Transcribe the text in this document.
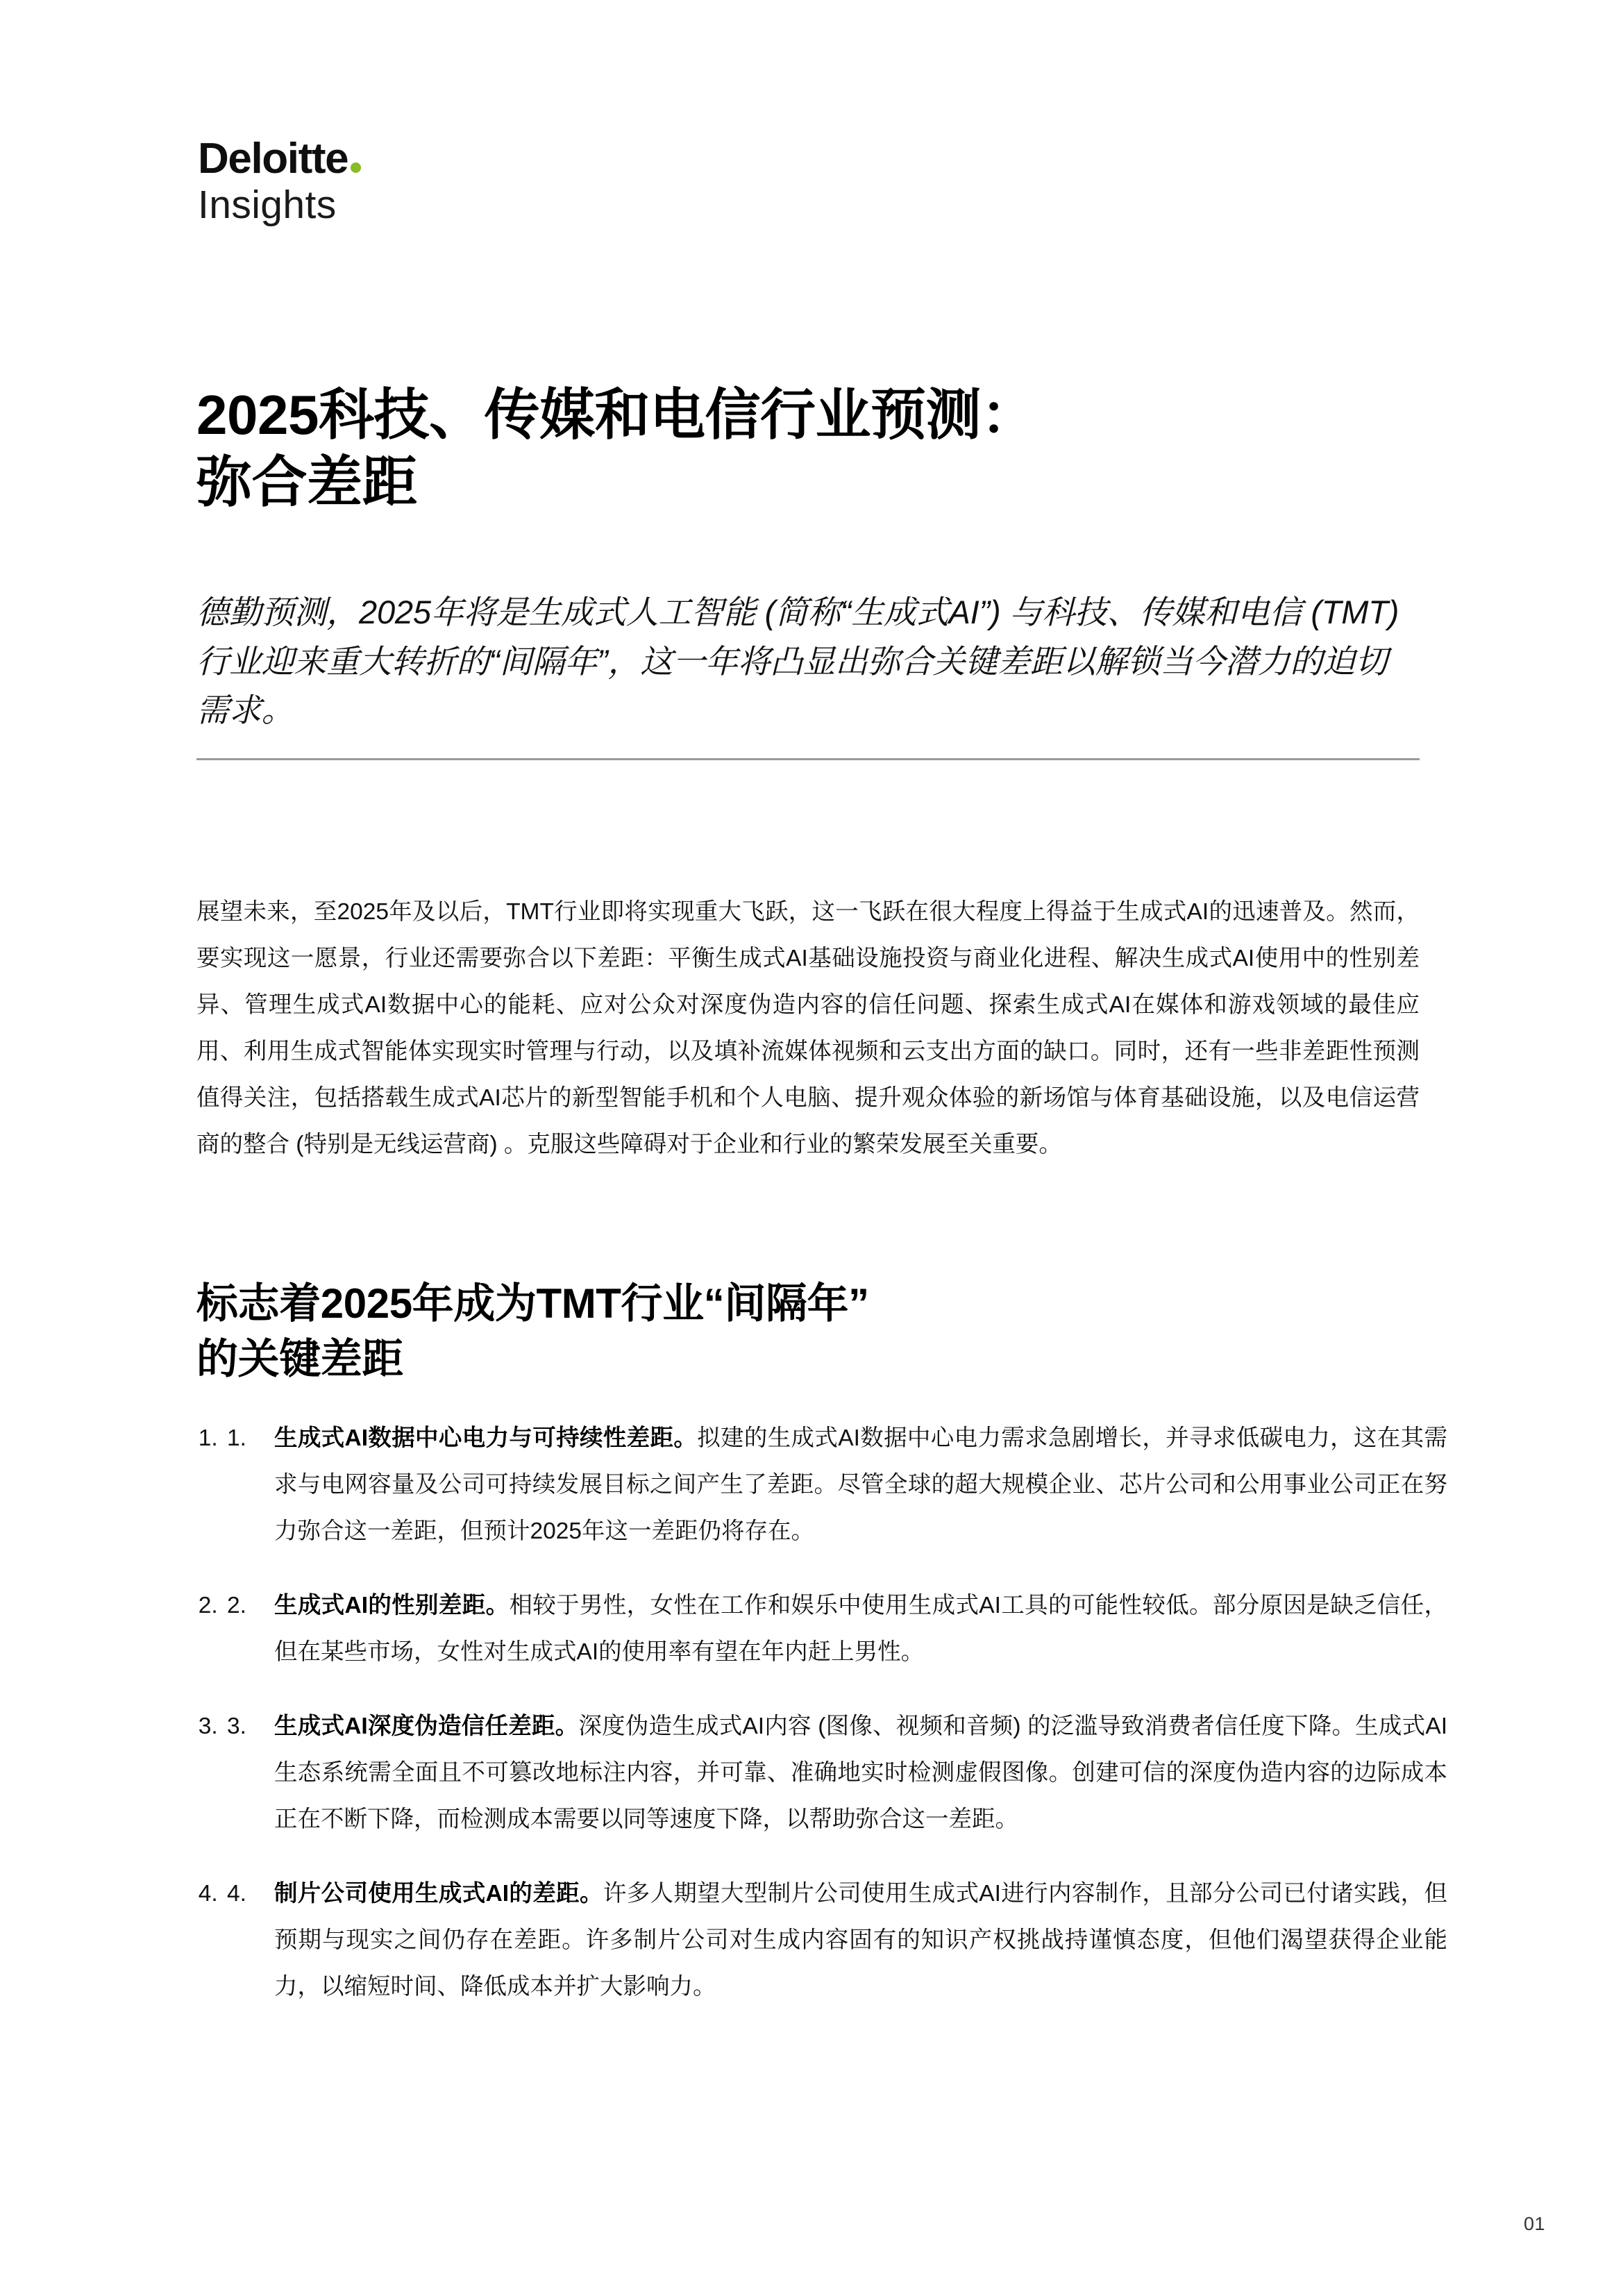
Deloitte
Insights
2025科技、传媒和电信行业预测：
弥合差距

德勤预测，2025年将是生成式人工智能 (简称“生成式AI”) 与科技、传媒和电信 (TMT) 行业迎来重大转折的“间隔年”，这一年将凸显出弥合关键差距以解锁当今潜力的迫切需求。

展望未来，至2025年及以后，TMT行业即将实现重大飞跃，这一飞跃在很大程度上得益于生成式AI的迅速普及。然而，要实现这一愿景，行业还需要弥合以下差距：平衡生成式AI基础设施投资与商业化进程、解决生成式AI使用中的性别差异、管理生成式AI数据中心的能耗、应对公众对深度伪造内容的信任问题、探索生成式AI在媒体和游戏领域的最佳应用、利用生成式智能体实现实时管理与行动，以及填补流媒体视频和云支出方面的缺口。同时，还有一些非差距性预测值得关注，包括搭载生成式AI芯片的新型智能手机和个人电脑、提升观众体验的新场馆与体育基础设施，以及电信运营商的整合 (特别是无线运营商) 。克服这些障碍对于企业和行业的繁荣发展至关重要。

标志着2025年成为TMT行业“间隔年”
的关键差距
1. 1.	生成式AI数据中心电力与可持续性差距。拟建的生成式AI数据中心电力需求急剧增长，并寻求低碳电力，这在其需求与电网容量及公司可持续发展目标之间产生了差距。尽管全球的超大规模企业、芯片公司和公用事业公司正在努力弥合这一差距，但预计2025年这一差距仍将存在。
2. 2.	生成式AI的性别差距。相较于男性，女性在工作和娱乐中使用生成式AI工具的可能性较低。部分原因是缺乏信任，但在某些市场，女性对生成式AI的使用率有望在年内赶上男性。
3. 3.	生成式AI深度伪造信任差距。深度伪造生成式AI内容 (图像、视频和音频) 的泛滥导致消费者信任度下降。生成式AI生态系统需全面且不可篡改地标注内容，并可靠、准确地实时检测虚假图像。创建可信的深度伪造内容的边际成本正在不断下降，而检测成本需要以同等速度下降，以帮助弥合这一差距。
4. 4.	制片公司使用生成式AI的差距。许多人期望大型制片公司使用生成式AI进行内容制作，且部分公司已付诸实践，但预期与现实之间仍存在差距。许多制片公司对生成内容固有的知识产权挑战持谨慎态度，但他们渴望获得企业能力，以缩短时间、降低成本并扩大影响力。
01
